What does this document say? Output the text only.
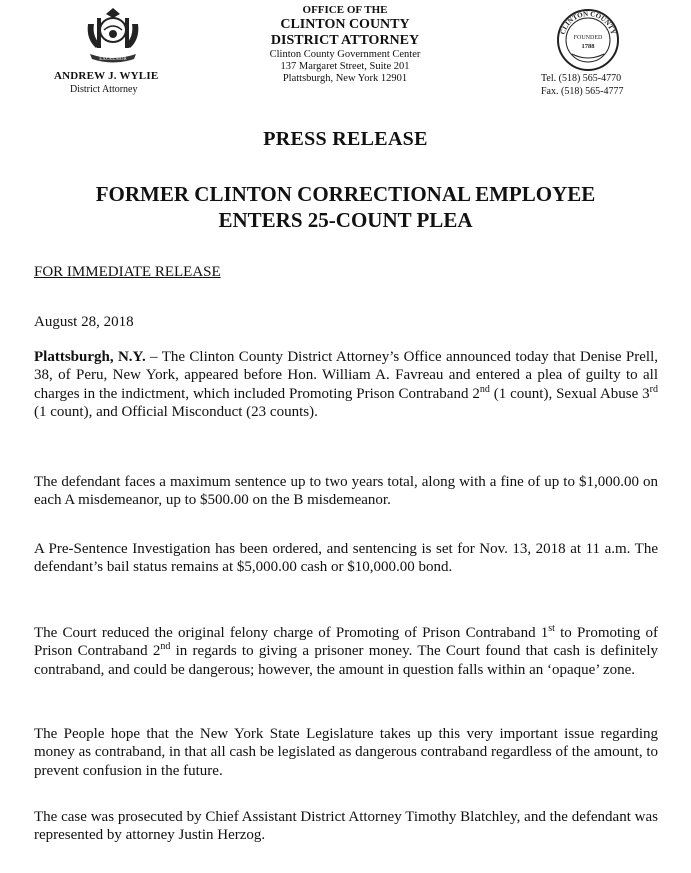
EXCELSIOR
ANDREW J. WYLIE
District Attorney
OFFICE OF THE
CLINTON COUNTY
DISTRICT ATTORNEY
Clinton County Government Center
137 Margaret Street, Suite 201
Plattsburgh, New York 12901
CLINTON COUNTY
FOUNDED
1788
Tel. (518) 565-4770
Fax. (518) 565-4777
PRESS RELEASE
FORMER CLINTON CORRECTIONAL EMPLOYEE
ENTERS 25-COUNT PLEA
FOR IMMEDIATE RELEASE
August 28, 2018

Plattsburgh, N.Y. – The Clinton County District Attorney’s Office announced today that Denise Prell, 38, of Peru, New York, appeared before Hon. William A. Favreau and entered a plea of guilty to all charges in the indictment, which included Promoting Prison Contraband 2nd (1 count), Sexual Abuse 3rd (1 count), and Official Misconduct (23 counts).

The defendant faces a maximum sentence up to two years total, along with a fine of up to $1,000.00 on each A misdemeanor, up to $500.00 on the B misdemeanor.

A Pre-Sentence Investigation has been ordered, and sentencing is set for Nov. 13, 2018 at 11 a.m. The defendant’s bail status remains at $5,000.00 cash or $10,000.00 bond.

The Court reduced the original felony charge of Promoting of Prison Contraband 1st to Promoting of Prison Contraband 2nd in regards to giving a prisoner money. The Court found that cash is definitely contraband, and could be dangerous; however, the amount in question falls within an ‘opaque’ zone.

The People hope that the New York State Legislature takes up this very important issue regarding money as contraband, in that all cash be legislated as dangerous contraband regardless of the amount, to prevent confusion in the future.

The case was prosecuted by Chief Assistant District Attorney Timothy Blatchley, and the defendant was represented by attorney Justin Herzog.
